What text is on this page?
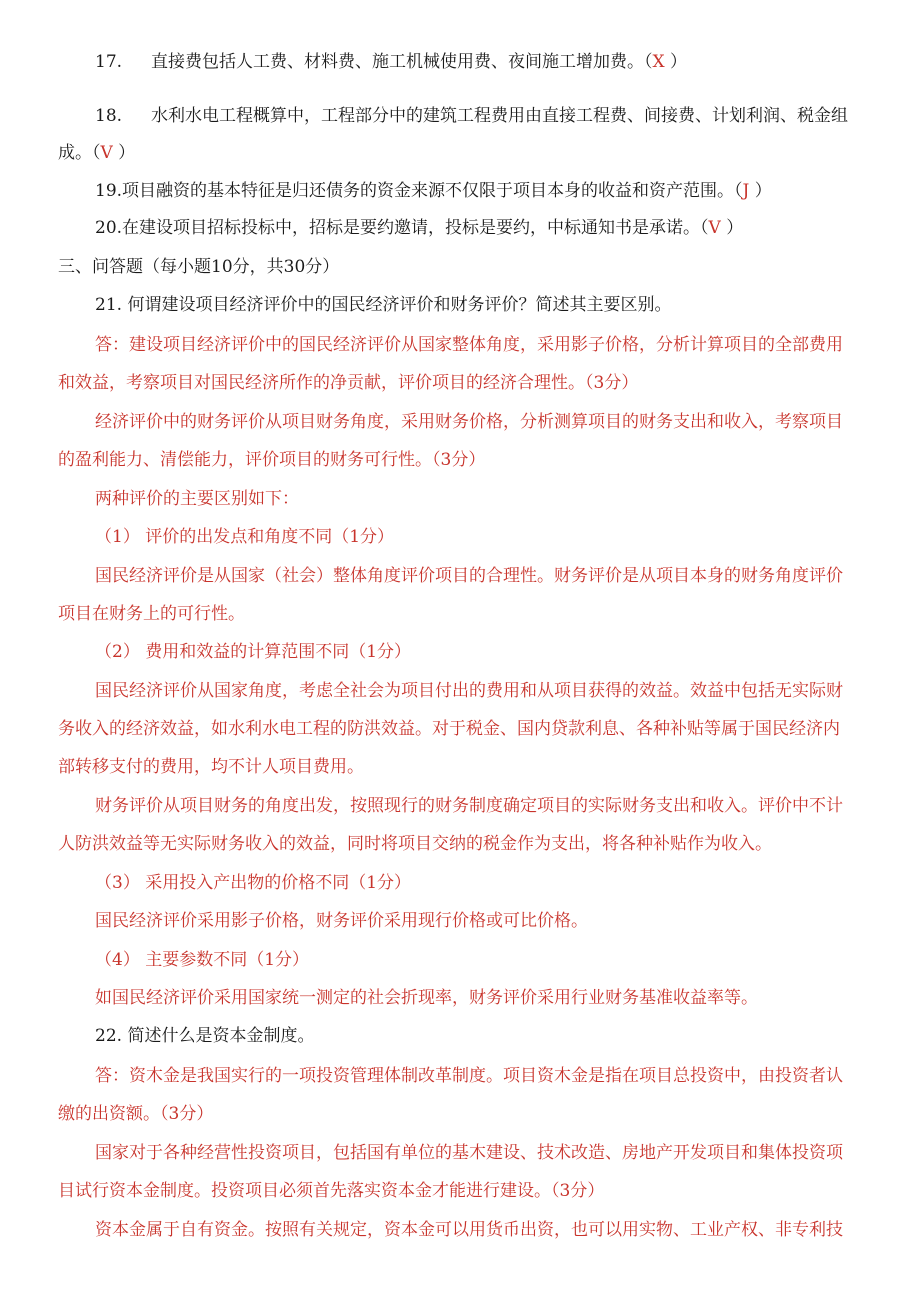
17. 直接费包括人工费、材料费、施工机械使用费、夜间施工增加费。（X ）
18. 水利水电工程概算中，工程部分中的建筑工程费用由直接工程费、间接费、计划利润、税金组
成。（V ）
19.项目融资的基本特征是归还债务的资金来源不仅限于项目本身的收益和资产范围。（J ）
20.在建设项目招标投标中，招标是要约邀请，投标是要约，中标通知书是承诺。（V ）
三、问答题（每小题10分，共30分）
21. 何谓建设项目经济评价中的国民经济评价和财务评价？简述其主要区别。
答：建设项目经济评价中的国民经济评价从国家整体角度，采用影子价格，分析计算项目的全部费用
和效益，考察项目对国民经济所作的净贡献，评价项目的经济合理性。（3分）
经济评价中的财务评价从项目财务角度，采用财务价格，分析测算项目的财务支出和收入，考察项目
的盈利能力、清偿能力，评价项目的财务可行性。（3分）
两种评价的主要区别如下：
（1） 评价的出发点和角度不同（1分）
国民经济评价是从国家（社会）整体角度评价项目的合理性。财务评价是从项目本身的财务角度评价
项目在财务上的可行性。
（2） 费用和效益的计算范围不同（1分）
国民经济评价从国家角度，考虑全社会为项目付出的费用和从项目获得的效益。效益中包括无实际财
务收入的经济效益，如水利水电工程的防洪效益。对于税金、国内贷款利息、各种补贴等属于国民经济内
部转移支付的费用，均不计人项目费用。
财务评价从项目财务的角度出发，按照现行的财务制度确定项目的实际财务支出和收入。评价中不计
人防洪效益等无实际财务收入的效益，同时将项目交纳的税金作为支出，将各种补贴作为收入。
（3） 采用投入产出物的价格不同（1分）
国民经济评价采用影子价格，财务评价采用现行价格或可比价格。
（4） 主要参数不同（1分）
如国民经济评价采用国家统一测定的社会折现率，财务评价采用行业财务基准收益率等。
22. 简述什么是资本金制度。
答：资木金是我国实行的一项投资管理体制改革制度。项目资木金是指在项目总投资中，由投资者认
缴的出资额。（3分）
国家对于各种经营性投资项目，包括国有单位的基木建设、技术改造、房地产开发项目和集体投资项
目试行资本金制度。投资项目必须首先落实资本金才能进行建设。（3分）
资本金属于自有资金。按照有关规定，资本金可以用货币出资，也可以用实物、工业产权、非专利技
